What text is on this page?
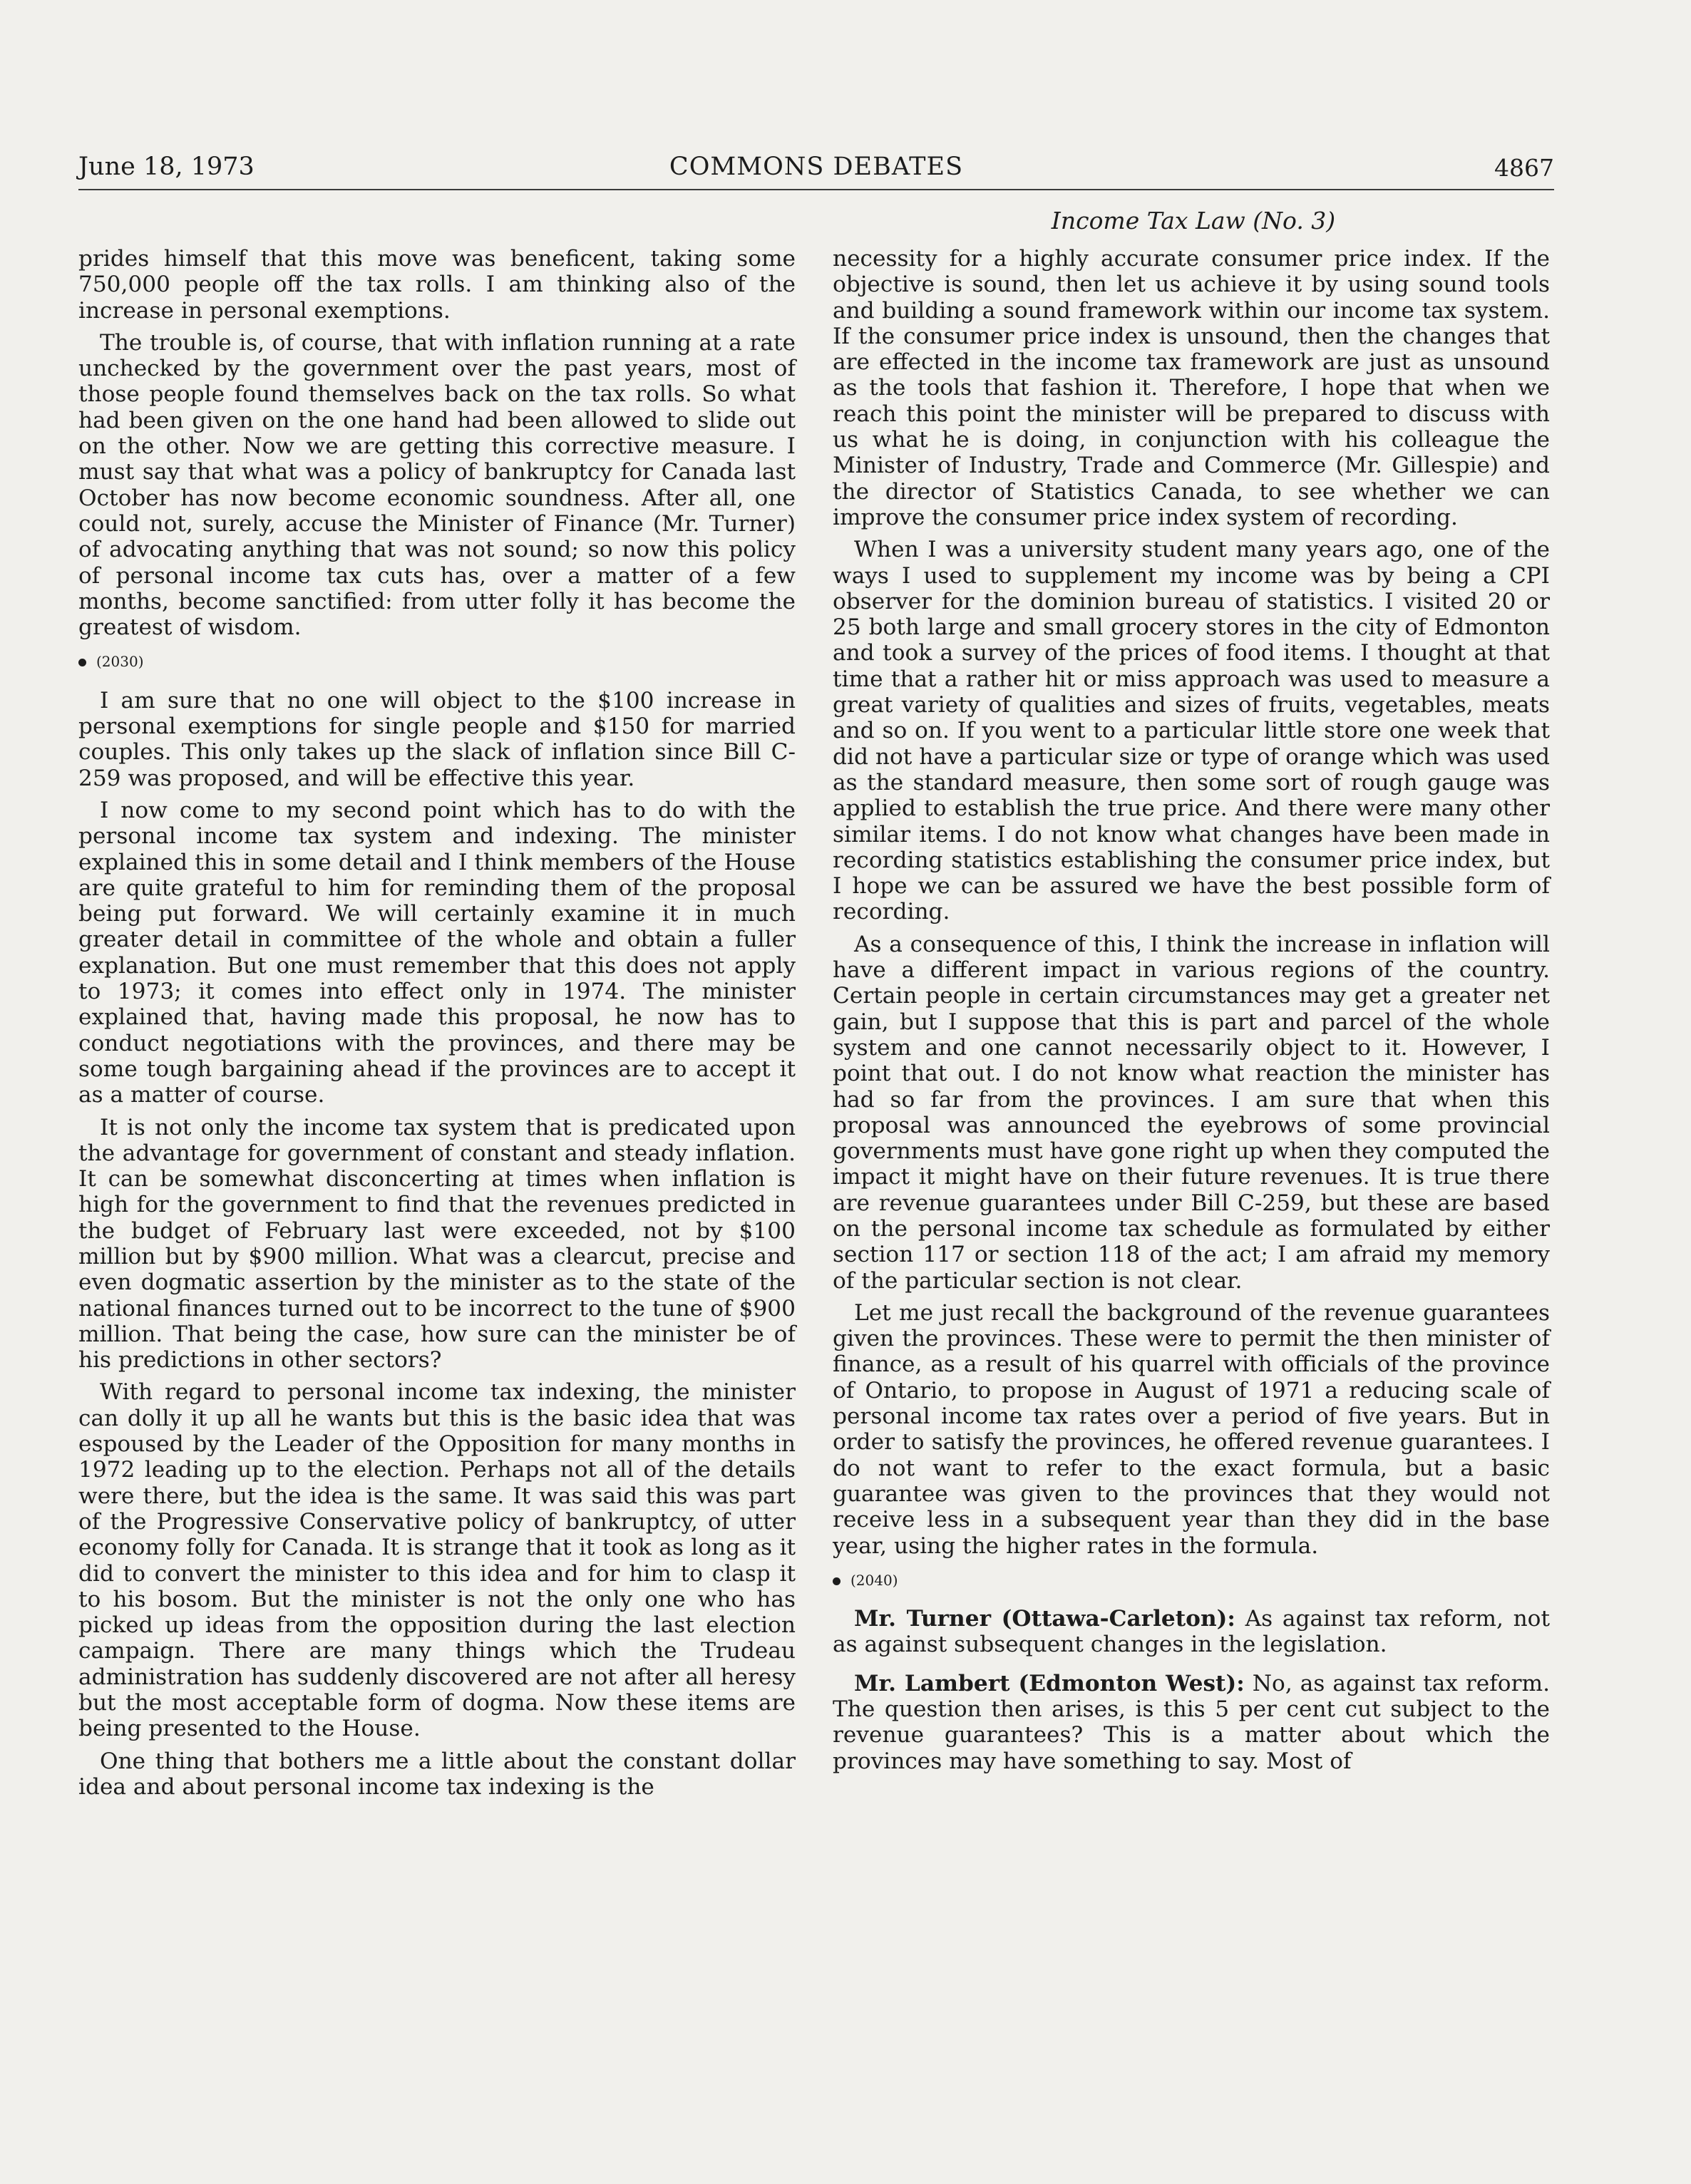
June 18, 1973	COMMONS DEBATES	4867
Income Tax Law (No. 3)

prides himself that this move was beneficent, taking some 750,000 people off the tax rolls. I am thinking also of the increase in personal exemptions.

The trouble is, of course, that with inflation running at a rate unchecked by the government over the past years, most of those people found themselves back on the tax rolls. So what had been given on the one hand had been allowed to slide out on the other. Now we are getting this corrective measure. I must say that what was a policy of bankruptcy for Canada last October has now become economic soundness. After all, one could not, surely, accuse the Minister of Finance (Mr. Turner) of advocating anything that was not sound; so now this policy of personal income tax cuts has, over a matter of a few months, become sanctified: from utter folly it has become the greatest of wisdom.

(2030)

I am sure that no one will object to the $100 increase in personal exemptions for single people and $150 for married couples. This only takes up the slack of inflation since Bill C-259 was proposed, and will be effective this year.

I now come to my second point which has to do with the personal income tax system and indexing. The minister explained this in some detail and I think members of the House are quite grateful to him for reminding them of the proposal being put forward. We will certainly examine it in much greater detail in committee of the whole and obtain a fuller explanation. But one must remember that this does not apply to 1973; it comes into effect only in 1974. The minister explained that, having made this proposal, he now has to conduct negotiations with the provinces, and there may be some tough bargaining ahead if the provinces are to accept it as a matter of course.

It is not only the income tax system that is predicated upon the advantage for government of constant and steady inflation. It can be somewhat disconcerting at times when inflation is high for the government to find that the revenues predicted in the budget of February last were exceeded, not by $100 million but by $900 million. What was a clearcut, precise and even dogmatic assertion by the minister as to the state of the national finances turned out to be incorrect to the tune of $900 million. That being the case, how sure can the minister be of his predictions in other sectors?

With regard to personal income tax indexing, the minister can dolly it up all he wants but this is the basic idea that was espoused by the Leader of the Opposition for many months in 1972 leading up to the election. Perhaps not all of the details were there, but the idea is the same. It was said this was part of the Progressive Conservative policy of bankruptcy, of utter economy folly for Canada. It is strange that it took as long as it did to convert the minister to this idea and for him to clasp it to his bosom. But the minister is not the only one who has picked up ideas from the opposition during the last election campaign. There are many things which the Trudeau administration has suddenly discovered are not after all heresy but the most acceptable form of dogma. Now these items are being presented to the House.

One thing that bothers me a little about the constant dollar idea and about personal income tax indexing is the

necessity for a highly accurate consumer price index. If the objective is sound, then let us achieve it by using sound tools and building a sound framework within our income tax system. If the consumer price index is unsound, then the changes that are effected in the income tax framework are just as unsound as the tools that fashion it. Therefore, I hope that when we reach this point the minister will be prepared to discuss with us what he is doing, in conjunction with his colleague the Minister of Industry, Trade and Commerce (Mr. Gillespie) and the director of Statistics Canada, to see whether we can improve the consumer price index system of recording.

When I was a university student many years ago, one of the ways I used to supplement my income was by being a CPI observer for the dominion bureau of statistics. I visited 20 or 25 both large and small grocery stores in the city of Edmonton and took a survey of the prices of food items. I thought at that time that a rather hit or miss approach was used to measure a great variety of qualities and sizes of fruits, vegetables, meats and so on. If you went to a particular little store one week that did not have a particular size or type of orange which was used as the standard measure, then some sort of rough gauge was applied to establish the true price. And there were many other similar items. I do not know what changes have been made in recording statistics establishing the consumer price index, but I hope we can be assured we have the best possible form of recording.

As a consequence of this, I think the increase in inflation will have a different impact in various regions of the country. Certain people in certain circumstances may get a greater net gain, but I suppose that this is part and parcel of the whole system and one cannot necessarily object to it. However, I point that out. I do not know what reaction the minister has had so far from the provinces. I am sure that when this proposal was announced the eyebrows of some provincial governments must have gone right up when they computed the impact it might have on their future revenues. It is true there are revenue guarantees under Bill C-259, but these are based on the personal income tax schedule as formulated by either section 117 or section 118 of the act; I am afraid my memory of the particular section is not clear.

Let me just recall the background of the revenue guarantees given the provinces. These were to permit the then minister of finance, as a result of his quarrel with officials of the province of Ontario, to propose in August of 1971 a reducing scale of personal income tax rates over a period of five years. But in order to satisfy the provinces, he offered revenue guarantees. I do not want to refer to the exact formula, but a basic guarantee was given to the provinces that they would not receive less in a subsequent year than they did in the base year, using the higher rates in the formula.

(2040)

Mr. Turner (Ottawa-Carleton): As against tax reform, not as against subsequent changes in the legislation.

Mr. Lambert (Edmonton West): No, as against tax reform. The question then arises, is this 5 per cent cut subject to the revenue guarantees? This is a matter about which the provinces may have something to say. Most of
